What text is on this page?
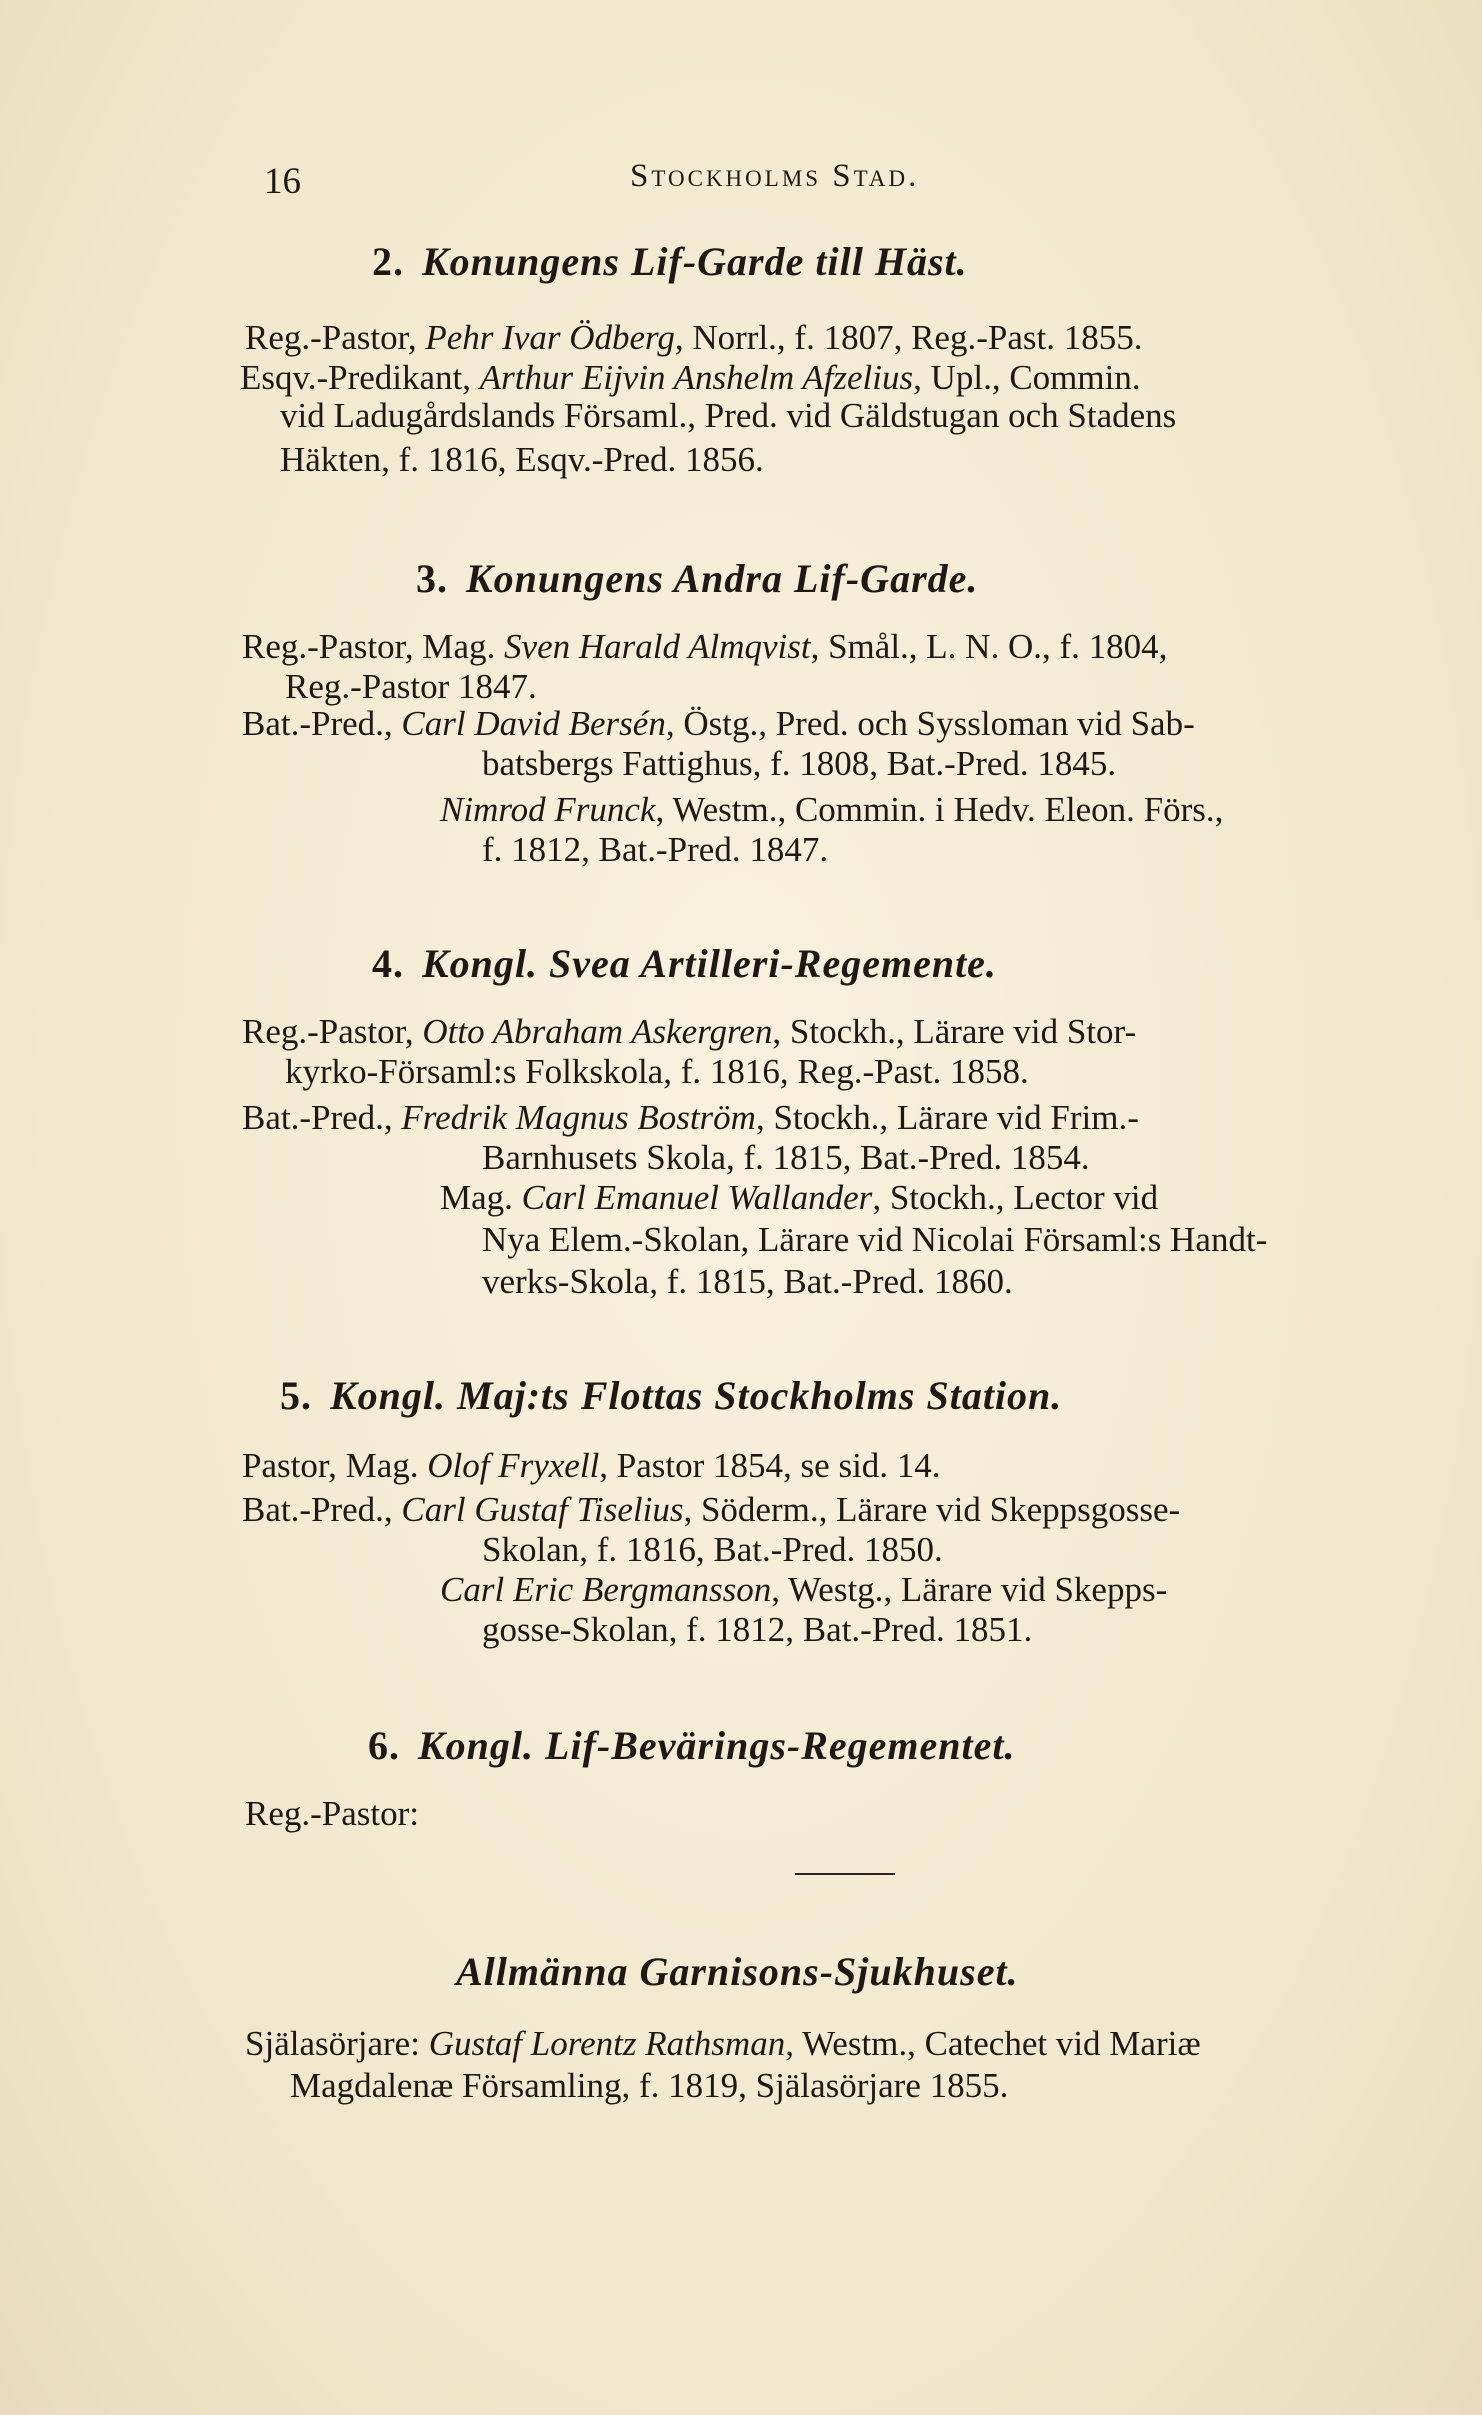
16	Stockholms Stad.
2. Konungens Lif-Garde till Häst.
Reg.-Pastor, Pehr Ivar Ödberg, Norrl., f. 1807, Reg.-Past. 1855.
Esqv.-Predikant, Arthur Eijvin Anshelm Afzelius, Upl., Commin.
vid Ladugårdslands Församl., Pred. vid Gäldstugan och Stadens
Häkten, f. 1816, Esqv.-Pred. 1856.
3. Konungens Andra Lif-Garde.
Reg.-Pastor, Mag. Sven Harald Almqvist, Smål., L. N. O., f. 1804,
Reg.-Pastor 1847.
Bat.-Pred., Carl David Bersén, Östg., Pred. och Syssloman vid Sab-
batsbergs Fattighus, f. 1808, Bat.-Pred. 1845.
Nimrod Frunck, Westm., Commin. i Hedv. Eleon. Förs.,
f. 1812, Bat.-Pred. 1847.
4. Kongl. Svea Artilleri-Regemente.
Reg.-Pastor, Otto Abraham Askergren, Stockh., Lärare vid Stor-
kyrko-Församl:s Folkskola, f. 1816, Reg.-Past. 1858.
Bat.-Pred., Fredrik Magnus Boström, Stockh., Lärare vid Frim.-
Barnhusets Skola, f. 1815, Bat.-Pred. 1854.
Mag. Carl Emanuel Wallander, Stockh., Lector vid
Nya Elem.-Skolan, Lärare vid Nicolai Församl:s Handt-
verks-Skola, f. 1815, Bat.-Pred. 1860.
5. Kongl. Maj:ts Flottas Stockholms Station.
Pastor, Mag. Olof Fryxell, Pastor 1854, se sid. 14.
Bat.-Pred., Carl Gustaf Tiselius, Söderm., Lärare vid Skeppsgosse-
Skolan, f. 1816, Bat.-Pred. 1850.
Carl Eric Bergmansson, Westg., Lärare vid Skepps-
gosse-Skolan, f. 1812, Bat.-Pred. 1851.
6. Kongl. Lif-Bevärings-Regementet.
Reg.-Pastor:
Allmänna Garnisons-Sjukhuset.
Själasörjare: Gustaf Lorentz Rathsman, Westm., Catechet vid Mariæ
Magdalenæ Församling, f. 1819, Själasörjare 1855.
